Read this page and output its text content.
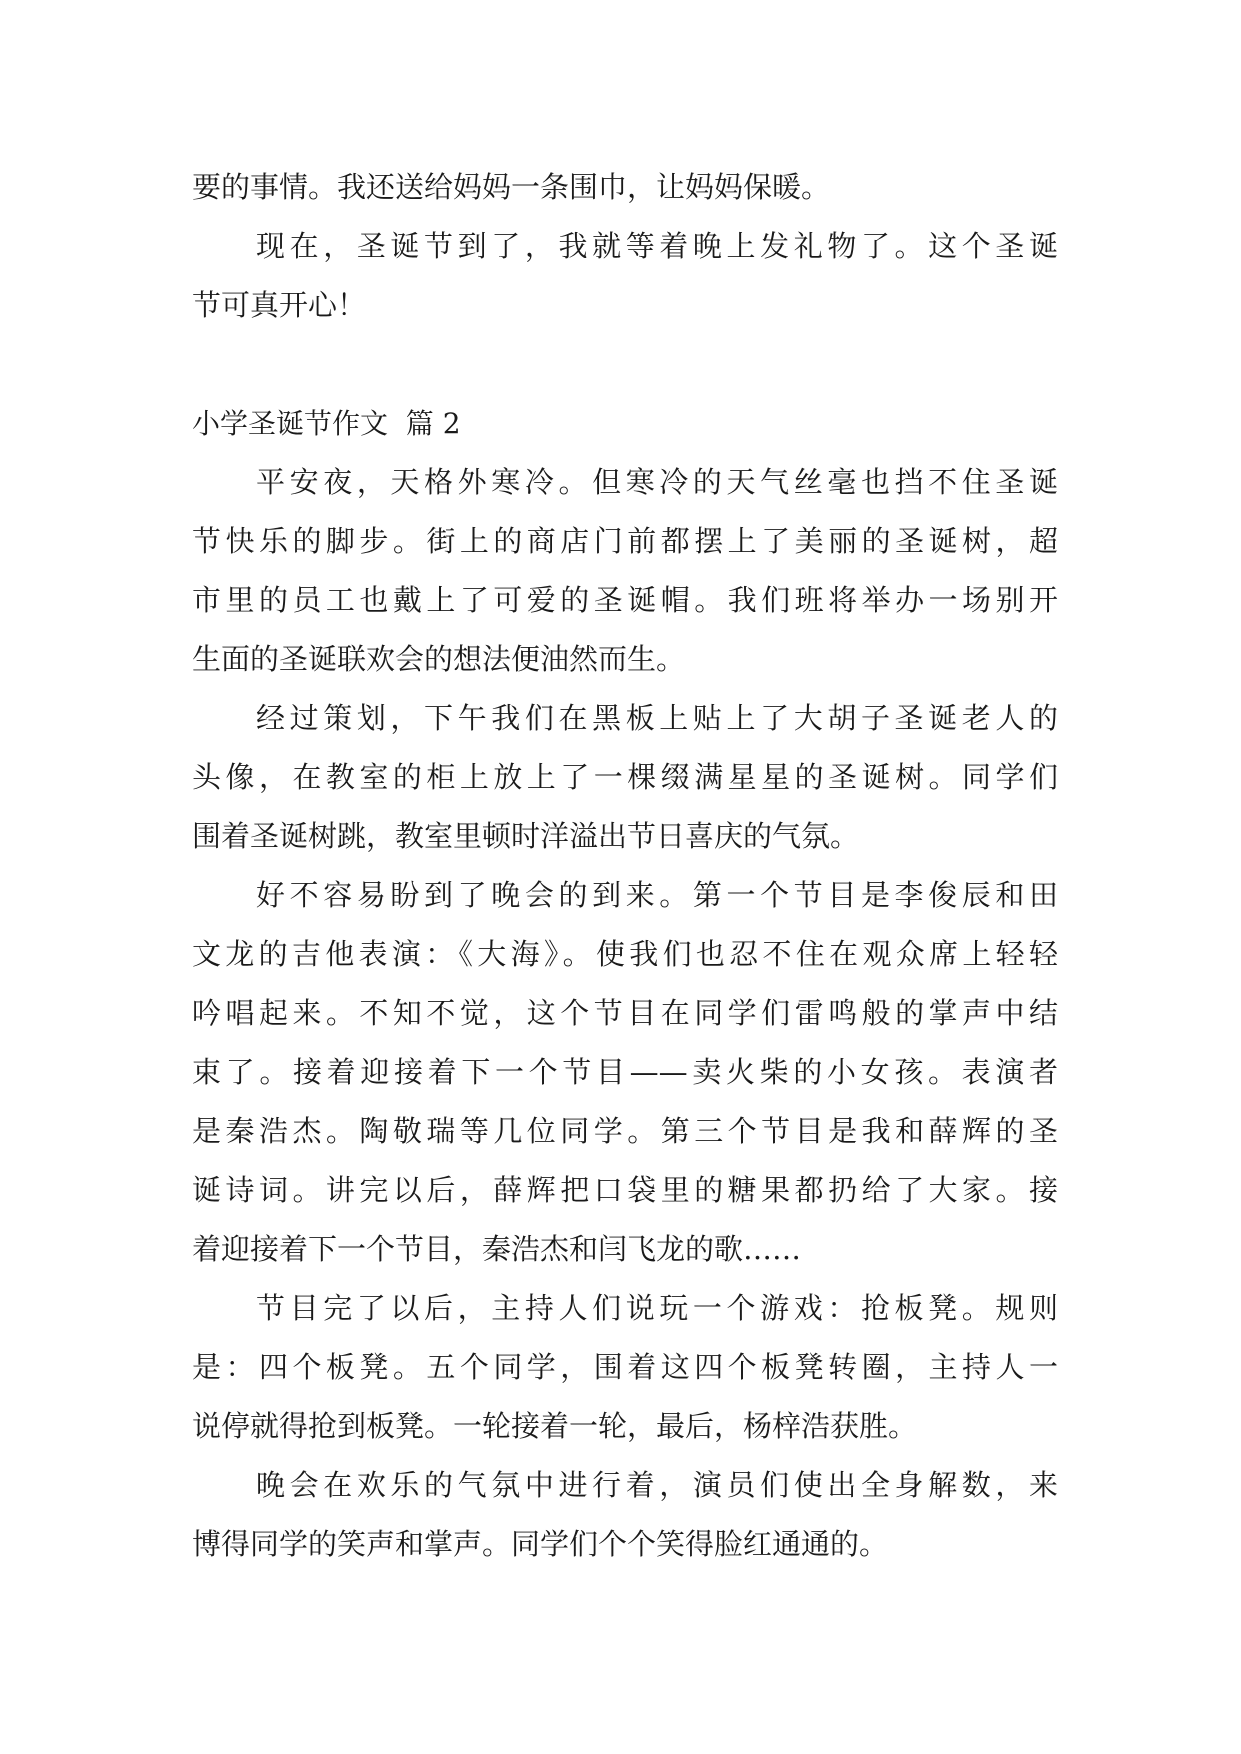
要的事情。我还送给妈妈一条围巾，让妈妈保暖。
现在，圣诞节到了，我就等着晚上发礼物了。这个圣诞
节可真开心！
小学圣诞节作文  篇 2
平安夜，天格外寒冷。但寒冷的天气丝毫也挡不住圣诞
节快乐的脚步。街上的商店门前都摆上了美丽的圣诞树，超
市里的员工也戴上了可爱的圣诞帽。我们班将举办一场别开
生面的圣诞联欢会的想法便油然而生。
经过策划，下午我们在黑板上贴上了大胡子圣诞老人的
头像，在教室的柜上放上了一棵缀满星星的圣诞树。同学们
围着圣诞树跳，教室里顿时洋溢出节日喜庆的气氛。
好不容易盼到了晚会的到来。第一个节目是李俊辰和田
文龙的吉他表演：《大海》。使我们也忍不住在观众席上轻轻
吟唱起来。不知不觉，这个节目在同学们雷鸣般的掌声中结
束了。接着迎接着下一个节目——卖火柴的小女孩。表演者
是秦浩杰。陶敬瑞等几位同学。第三个节目是我和薛辉的圣
诞诗词。讲完以后，薛辉把口袋里的糖果都扔给了大家。接
着迎接着下一个节目，秦浩杰和闫飞龙的歌……
节目完了以后，主持人们说玩一个游戏：抢板凳。规则
是：四个板凳。五个同学，围着这四个板凳转圈，主持人一
说停就得抢到板凳。一轮接着一轮，最后，杨梓浩获胜。
晚会在欢乐的气氛中进行着，演员们使出全身解数，来
博得同学的笑声和掌声。同学们个个笑得脸红通通的。
